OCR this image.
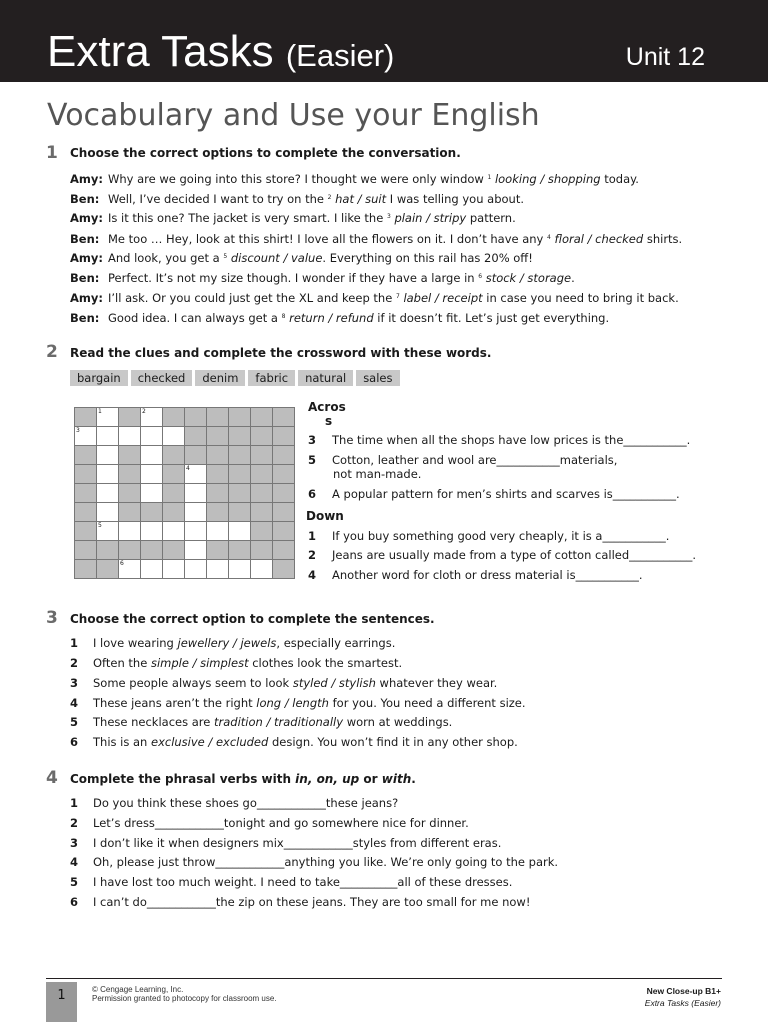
Extra Tasks (Easier)	Unit 12
Vocabulary and Use your English
1 Choose the correct options to complete the conversation.
Amy: Why are we going into this store? I thought we were only window $^1$ looking / shopping today.
Ben: Well, I’ve decided I want to try on the $^2$ hat / suit I was telling you about.
Amy: Is it this one? The jacket is very smart. I like the $^3$ plain / stripy pattern.
Ben: Me too … Hey, look at this shirt! I love all the flowers on it. I don’t have any $^4$ floral / checked shirts.
Amy: And look, you get a $^5$ discount / value. Everything on this rail has 20% off!
Ben: Perfect. It’s not my size though. I wonder if they have a large in $^6$ stock / storage.
Amy: I’ll ask. Or you could just get the XL and keep the $^7$ label / receipt in case you need to bring it back.
Ben: Good idea. I can always get a $^8$ return / refund if it doesn’t fit. Let’s just get everything.
2 Read the clues and complete the crossword with these words.
bargain	checked	denim	fabric	natural	sales

	1		2						

3									

					4				

	5								

		6							

Acros
s
3 The time when all the shops have low prices is the___________.
5 Cotton, leather and wool are___________materials,
not man-made.
6 A popular pattern for men’s shirts and scarves is___________.
Down
1 If you buy something good very cheaply, it is a___________.
2 Jeans are usually made from a type of cotton called___________.
4 Another word for cloth or dress material is___________.
3 Choose the correct option to complete the sentences.
1 I love wearing jewellery / jewels, especially earrings.
2 Often the simple / simplest clothes look the smartest.
3 Some people always seem to look styled / stylish whatever they wear.
4 These jeans aren’t the right long / length for you. You need a different size.
5 These necklaces are tradition / traditionally worn at weddings.
6 This is an exclusive / excluded design. You won’t find it in any other shop.
4 Complete the phrasal verbs with in, on, up or with.
1 Do you think these shoes go____________these jeans?
2 Let’s dress____________tonight and go somewhere nice for dinner.
3 I don’t like it when designers mix____________styles from different eras.
4 Oh, please just throw____________anything you like. We’re only going to the park.
5 I have lost too much weight. I need to take__________all of these dresses.
6 I can’t do____________the zip on these jeans. They are too small for me now!
1	© Cengage Learning, Inc.
Permission granted to photocopy for classroom use.
New Close-up B1+
Extra Tasks (Easier)
